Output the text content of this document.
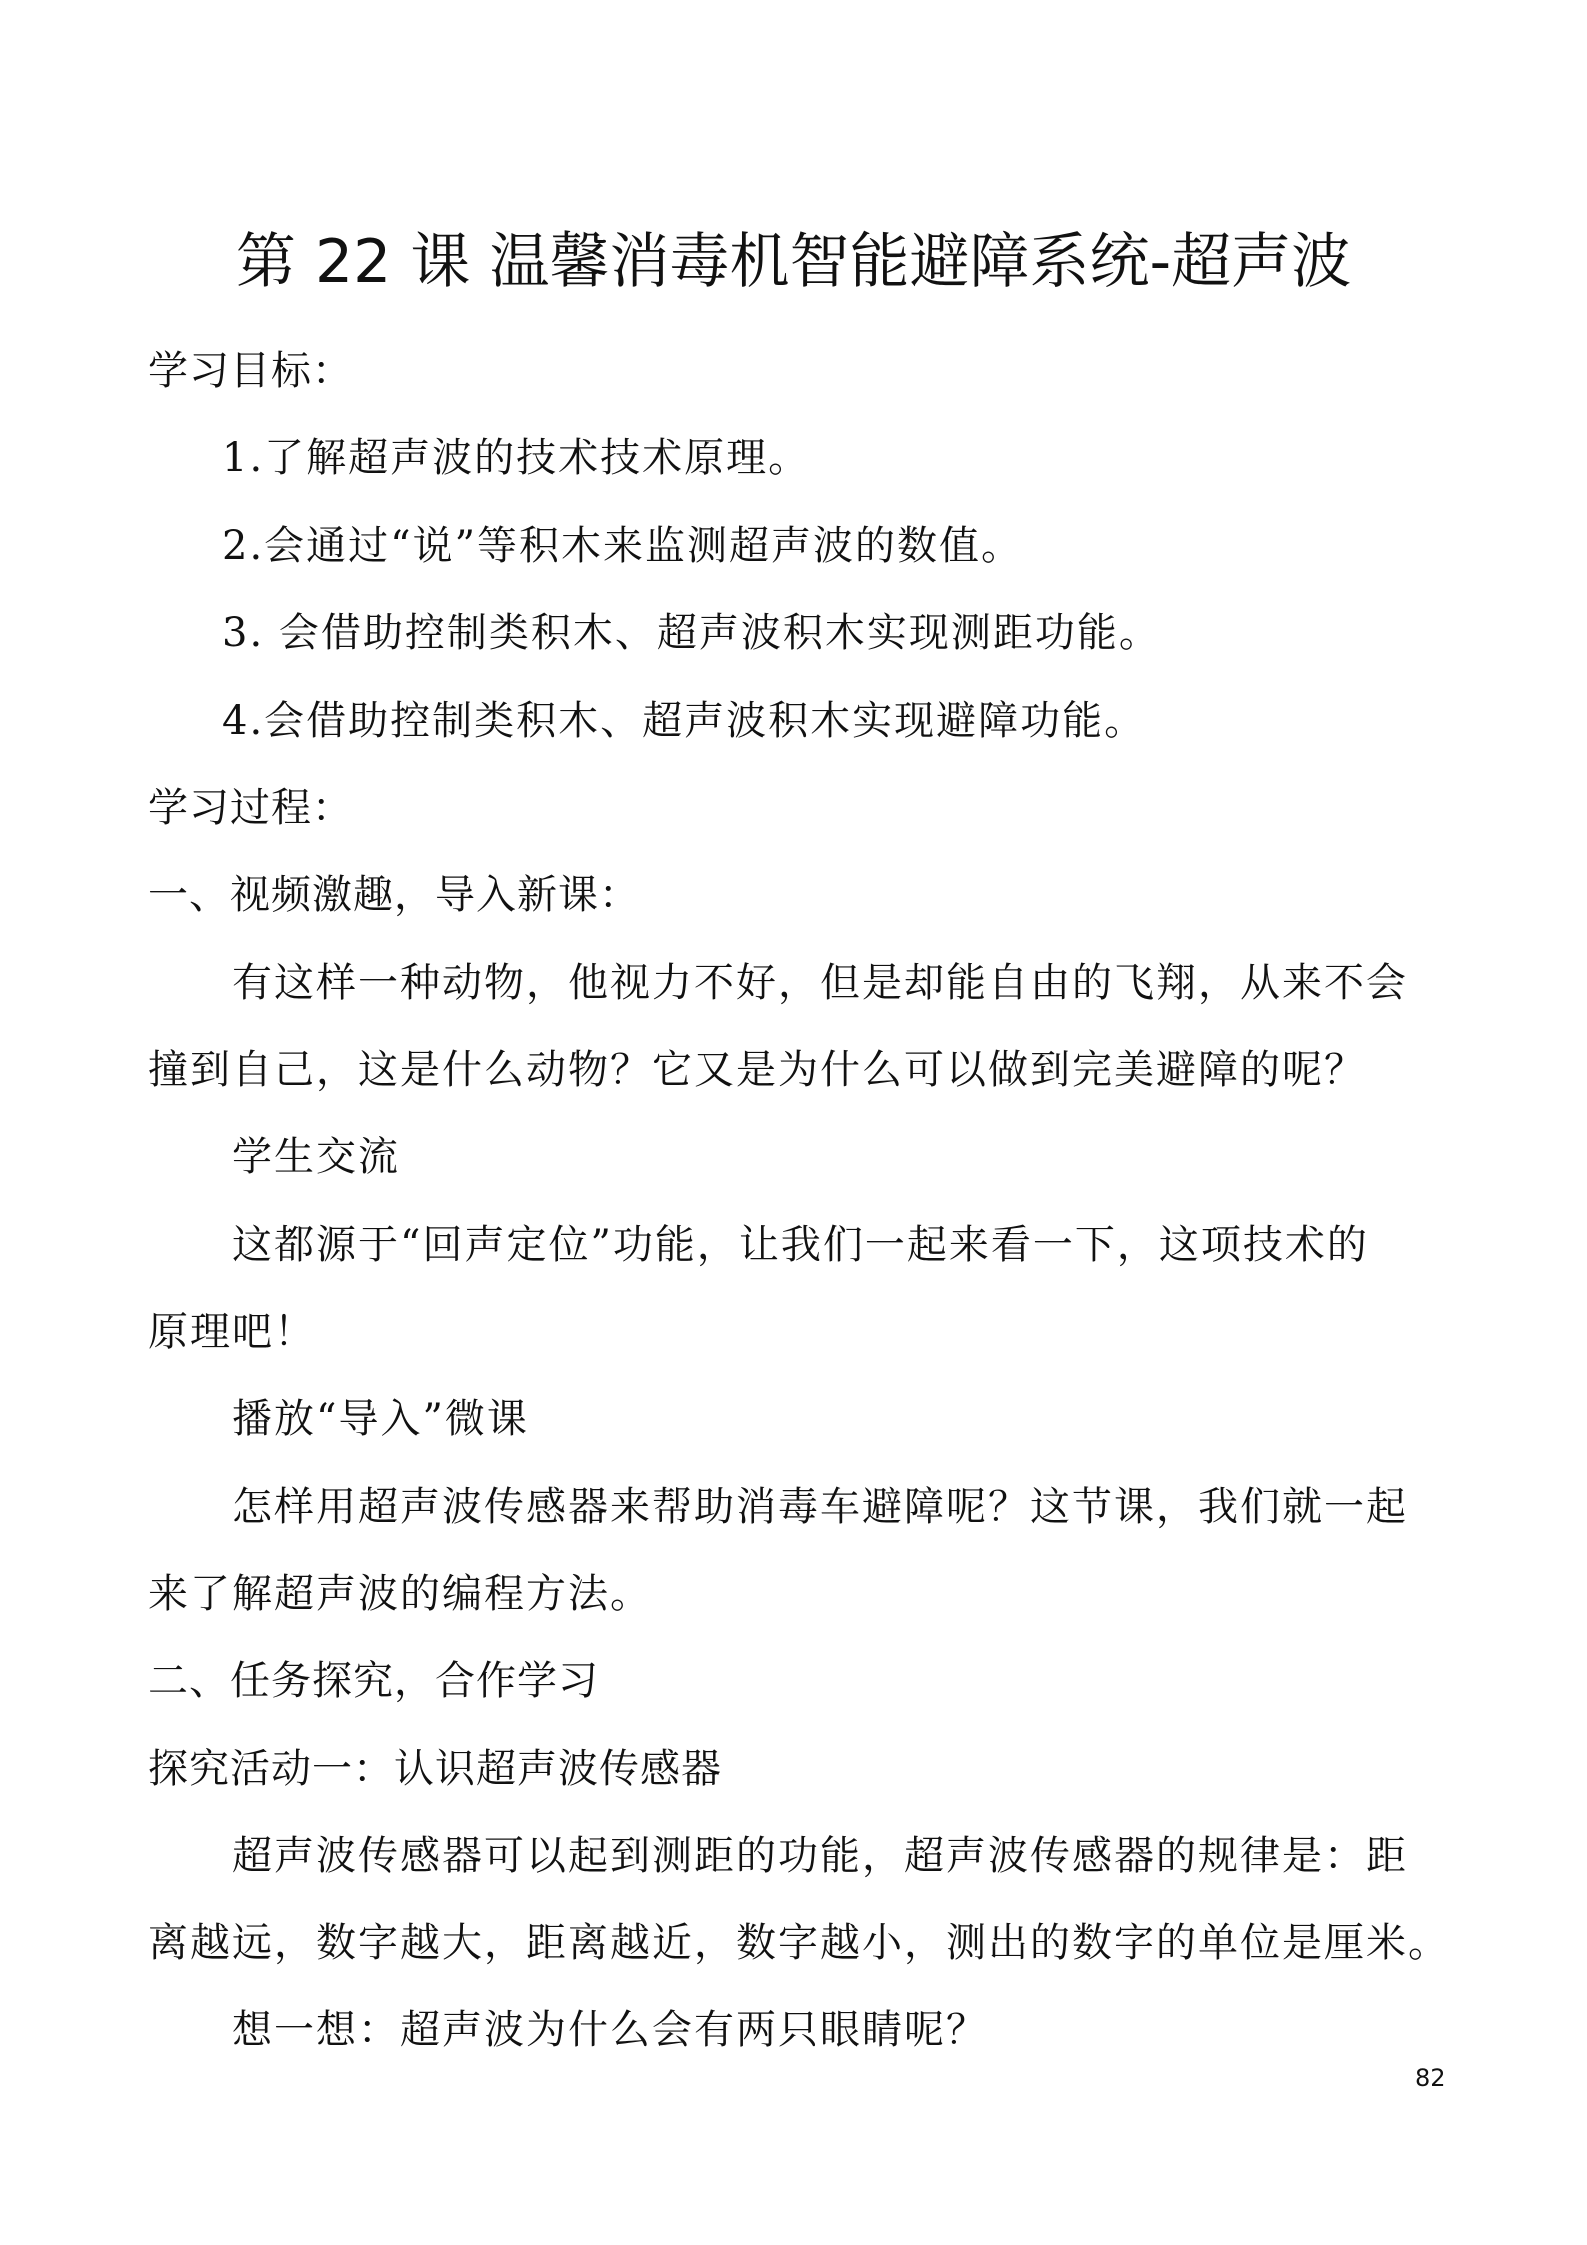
第 22 课 温馨消毒机智能避障系统-超声波
学习目标：
1.了解超声波的技术技术原理。
2.会通过“说”等积木来监测超声波的数值。
3. 会借助控制类积木、超声波积木实现测距功能。
4.会借助控制类积木、超声波积木实现避障功能。
学习过程：
一、视频激趣，导入新课：
有这样一种动物，他视力不好，但是却能自由的飞翔，从来不会
撞到自己，这是什么动物？它又是为什么可以做到完美避障的呢？
学生交流
这都源于“回声定位”功能，让我们一起来看一下，这项技术的
原理吧！
播放“导入”微课
怎样用超声波传感器来帮助消毒车避障呢？这节课，我们就一起
来了解超声波的编程方法。
二、任务探究，合作学习
探究活动一：认识超声波传感器
超声波传感器可以起到测距的功能，超声波传感器的规律是：距
离越远，数字越大，距离越近，数字越小，测出的数字的单位是厘米。
想一想：超声波为什么会有两只眼睛呢？
82
